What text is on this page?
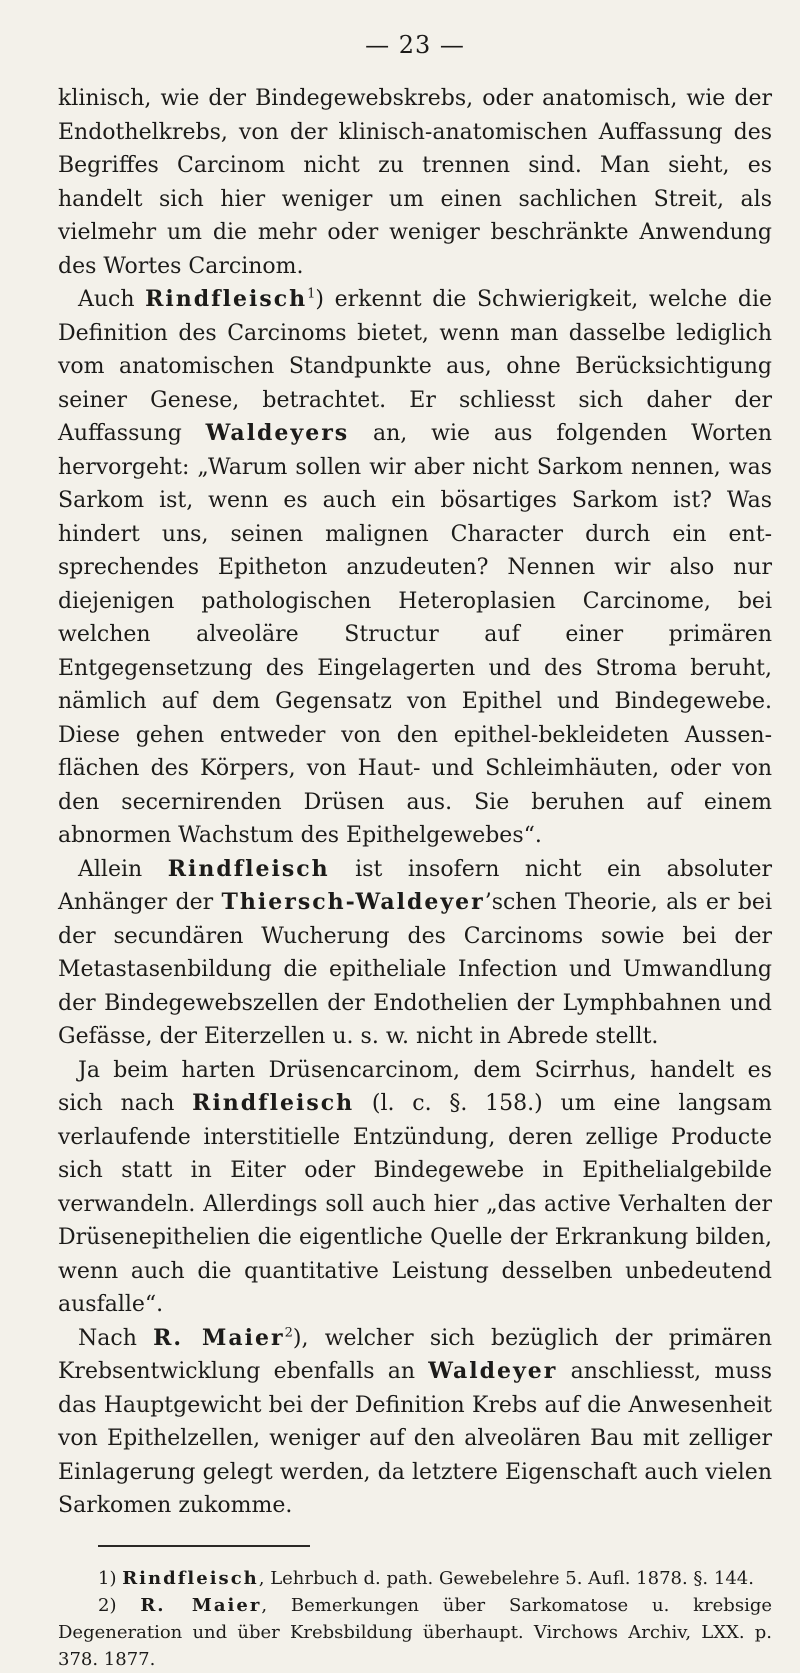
— 23 —

klinisch, wie der Bindegewebskrebs, oder anatomisch, wie der Endothelkrebs, von der klinisch-anatomischen Auffassung des Begriffes Carcinom nicht zu trennen sind. Man sieht, es handelt sich hier weniger um einen sachlichen Streit, als vielmehr um die mehr oder weniger beschränkte Anwendung des Wortes Carcinom.

Auch Rindfleisch$^1$) erkennt die Schwierigkeit, welche die Definition des Carcinoms bietet, wenn man dasselbe lediglich vom anatomischen Standpunkte aus, ohne Berücksichtigung seiner Genese, betrachtet. Er schliesst sich daher der Auffassung Waldeyers an, wie aus folgenden Worten hervorgeht: „Warum sollen wir aber nicht Sarkom nennen, was Sarkom ist, wenn es auch ein bösartiges Sarkom ist? Was hindert uns, seinen malignen Character durch ein entsprechendes Epitheton anzudeuten? Nennen wir also nur diejenigen pathologischen Heteroplasien Carcinome, bei welchen alveoläre Structur auf einer primären Entgegensetzung des Eingelagerten und des Stroma beruht, nämlich auf dem Gegensatz von Epithel und Bindegewebe. Diese gehen entweder von den epithel-bekleideten Aussenflächen des Körpers, von Haut- und Schleimhäuten, oder von den secernirenden Drüsen aus. Sie beruhen auf einem abnormen Wachstum des Epithelgewebes“.

Allein Rindfleisch ist insofern nicht ein absoluter Anhänger der Thiersch-Waldeyer’schen Theorie, als er bei der secundären Wucherung des Carcinoms sowie bei der Metastasenbildung die epitheliale Infection und Umwandlung der Bindegewebszellen der Endothelien der Lymphbahnen und Gefässe, der Eiterzellen u. s. w. nicht in Abrede stellt.

Ja beim harten Drüsencarcinom, dem Scirrhus, handelt es sich nach Rindfleisch (l. c. §. 158.) um eine langsam verlaufende interstitielle Entzündung, deren zellige Producte sich statt in Eiter oder Bindegewebe in Epithelialgebilde verwandeln. Allerdings soll auch hier „das active Verhalten der Drüsenepithelien die eigentliche Quelle der Erkrankung bilden, wenn auch die quantitative Leistung desselben unbedeutend ausfalle“.

Nach R. Maier$^2$), welcher sich bezüglich der primären Krebsentwicklung ebenfalls an Waldeyer anschliesst, muss das Hauptgewicht bei der Definition Krebs auf die Anwesenheit von Epithelzellen, weniger auf den alveolären Bau mit zelliger Einlagerung gelegt werden, da letztere Eigenschaft auch vielen Sarkomen zukomme.

1) Rindfleisch, Lehrbuch d. path. Gewebelehre 5. Aufl. 1878. §. 144.

2) R. Maier, Bemerkungen über Sarkomatose u. krebsige Degeneration und über Krebsbildung überhaupt. Virchows Archiv, LXX. p. 378. 1877.
